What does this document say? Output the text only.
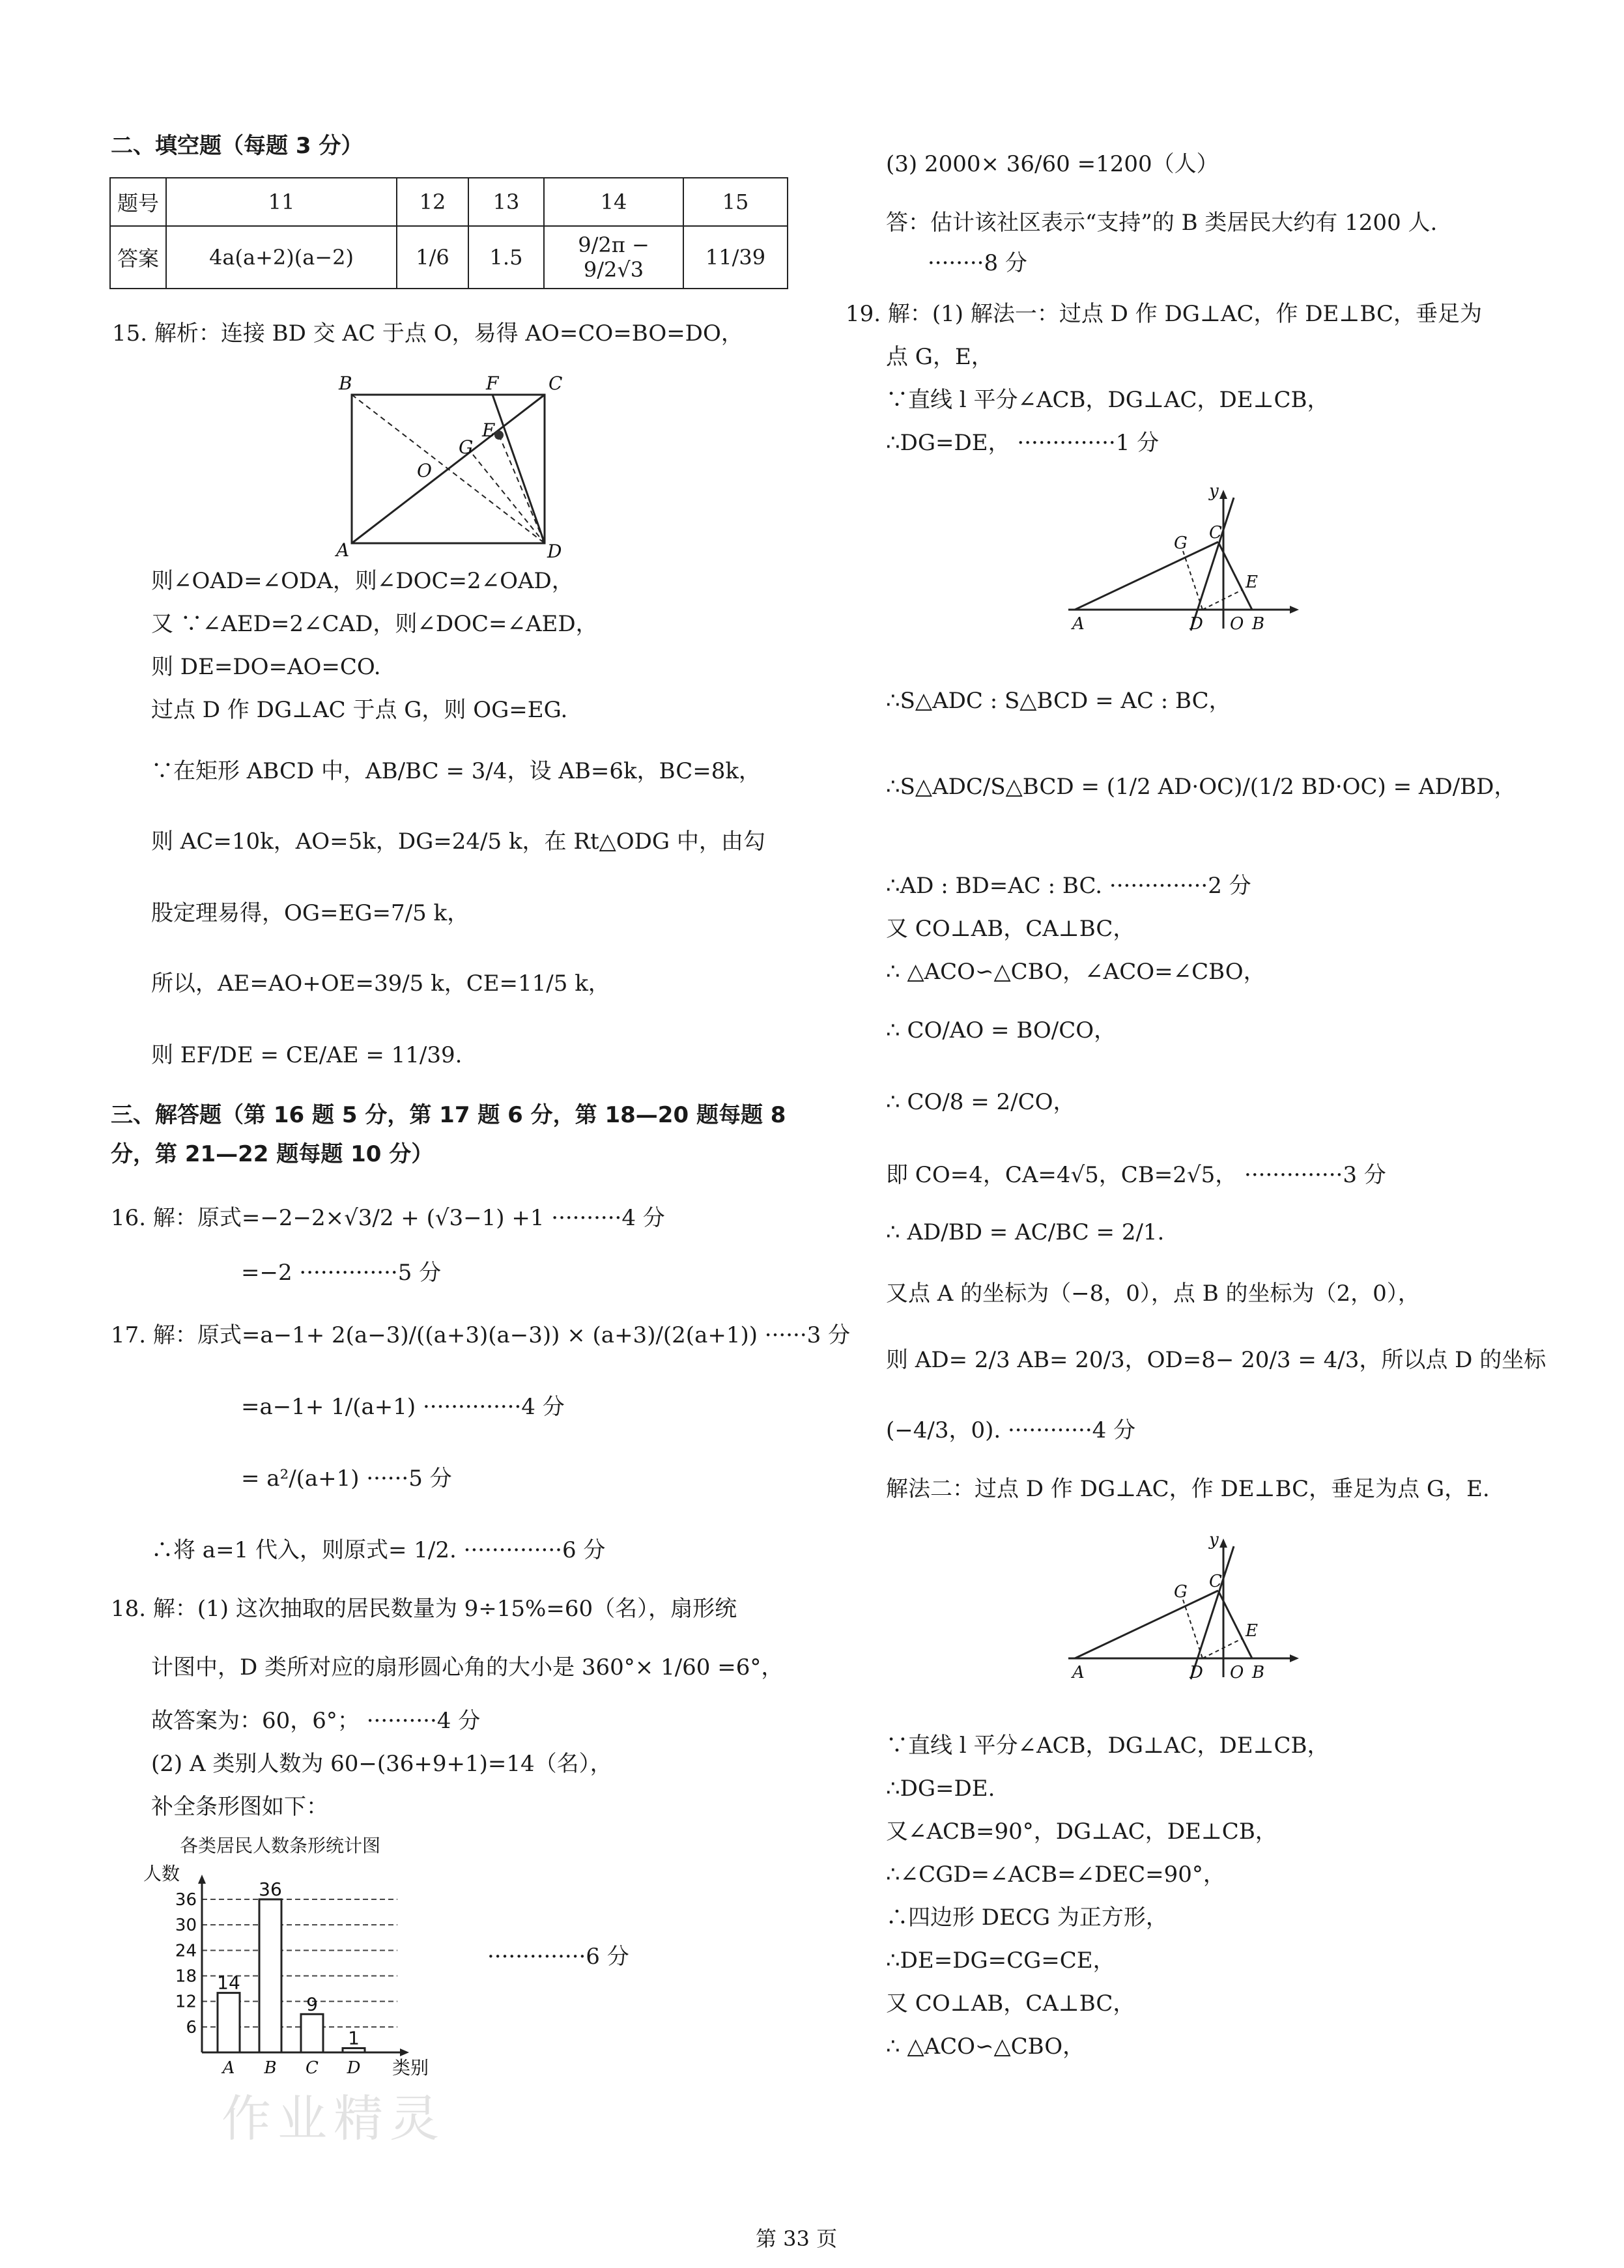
二、填空题（每题 3 分）
题号	11	12	13	14	15
答案	4a(a+2)(a−2)	1/6	1.5	9/2π − 9/2√3	11/39
15. 解析：连接 BD 交 AC 于点 O，易得 AO=CO=BO=DO，
则∠OAD=∠ODA，则∠DOC=2∠OAD，
又 ∵∠AED=2∠CAD，则∠DOC=∠AED，
则 DE=DO=AO=CO.
过点 D 作 DG⊥AC 于点 G，则 OG=EG.
∵在矩形 ABCD 中，AB/BC = 3/4，设 AB=6k，BC=8k，
则 AC=10k，AO=5k，DG=24/5 k，在 Rt△ODG 中，由勾
股定理易得，OG=EG=7/5 k，
所以，AE=AO+OE=39/5 k，CE=11/5 k，
则 EF/DE = CE/AE = 11/39.
三、解答题（第 16 题 5 分，第 17 题 6 分，第 18—20 题每题 8
分，第 21—22 题每题 10 分）
16. 解：原式=−2−2×√3/2 + (√3−1) +1 ··········4 分
=−2 ··············5 分
17. 解：原式=a−1+ 2(a−3)/((a+3)(a−3)) × (a+3)/(2(a+1)) ······3 分
=a−1+ 1/(a+1) ··············4 分
= a²/(a+1) ······5 分
∴将 a=1 代入，则原式= 1/2. ··············6 分
18. 解：(1) 这次抽取的居民数量为 9÷15%=60（名），扇形统
计图中，D 类所对应的扇形圆心角的大小是 360°× 1/60 =6°，
故答案为：60，6°； ··········4 分
(2) A 类别人数为 60−(36+9+1)=14（名），
补全条形图如下：
B	F	C
E
G
O
A	D
各类居民人数条形统计图
6
12
18
24
30
36
A B C D
14
36
9
1
人数
类别
··············6 分
(3) 2000× 36/60 =1200（人）
答：估计该社区表示“支持”的 B 类居民大约有 1200 人.
········8 分
19. 解：(1) 解法一：过点 D 作 DG⊥AC，作 DE⊥BC，垂足为
点 G，E，
∵直线 l 平分∠ACB，DG⊥AC，DE⊥CB，
∴DG=DE， ··············1 分
y
C
G
E
A	D O B
∴S△ADC : S△BCD = AC : BC，
∴S△ADC/S△BCD = (1/2 AD·OC)/(1/2 BD·OC) = AD/BD，
∴AD : BD=AC : BC. ··············2 分
又 CO⊥AB，CA⊥BC，
∴ △ACO∽△CBO，∠ACO=∠CBO，
∴ CO/AO = BO/CO，
∴ CO/8 = 2/CO，
即 CO=4，CA=4√5，CB=2√5， ··············3 分
∴ AD/BD = AC/BC = 2/1.
又点 A 的坐标为（−8，0），点 B 的坐标为（2，0），
则 AD= 2/3 AB= 20/3，OD=8− 20/3 = 4/3，所以点 D 的坐标
(−4/3，0). ············4 分
解法二：过点 D 作 DG⊥AC，作 DE⊥BC，垂足为点 G，E.
y
C
G
E
A	D O B
∵直线 l 平分∠ACB，DG⊥AC，DE⊥CB，
∴DG=DE.
又∠ACB=90°，DG⊥AC，DE⊥CB，
∴∠CGD=∠ACB=∠DEC=90°，
∴四边形 DECG 为正方形，
∴DE=DG=CG=CE，
又 CO⊥AB，CA⊥BC，
∴ △ACO∽△CBO，
作业精灵
第 33 页
